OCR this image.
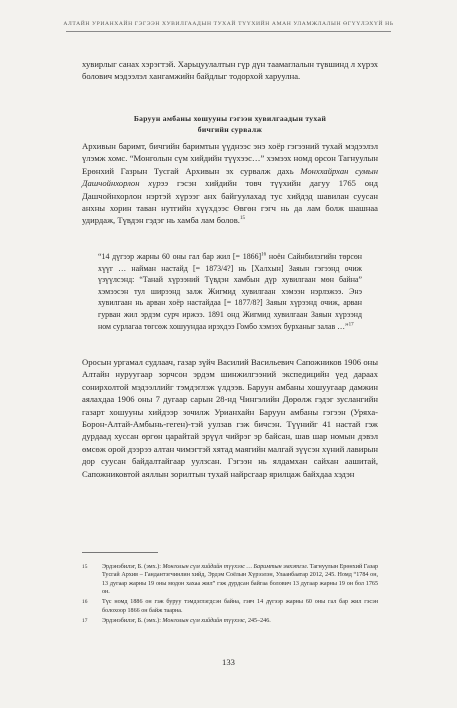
АЛТАЙН УРИАНХАЙН ГЭГЭЭН ХУВИЛГААДЫН ТУХАЙ ТҮҮХИЙН АМАН УЛАМЖЛАЛЫН ӨГҮҮЛЭХҮЙ НЬ

хувирлыг санах хэрэгтэй. Харьцуулалтын гүр дүн таамаглалын түвшинд л хүрэх болович мэдээлэл хангамжийн байдлыг тодорхой харуулна.

Баруун амбаны хошууны гэгээн хувилгаадын тухай
бичгийн сурвалж

Архивын баримт, бичгийн баримтын үүднээс энэ хоёр гэгээний тухай мэдээлэл үлэмж хомс. “Монголын сүм хийдийн түүхээс…” хэмээх номд орсон Тагнуулын Ерөнхий Газрын Тусгай Архивын эх сурвалж дахь Монххайрхан сумын Дашчойнхорлон хүрээ гэсэн хийдийн товч түүхийн дагуу 1765 онд Дашчойнхорлон нэртэй хүрээг анх байгуулахад тус хийдэд шавилан суусан анхны хорин таван нутгийн хүүхдээс Өвгөн гэгч нь да лам болж шашнаа удирдаж, Түвдэн гэдэг нь хамба лам болов.$^{15}$

“14 дүгээр жарны 60 оны гал бар жил [= 1866]$^{16}$ ноён Сайнбилэгийн төрсөн хүүг … найман настайд [= 1873/4?] нь [Халхын] Заяын гэгээнд очиж үзүүлсэнд: “Танай хүрээний Түвдэн хамбын дүр хувилгаан мөн байна” хэмээсэн тул ширээнд залж Жигмид хувилгаан хэмээн нэрлэжээ. Энэ хувилгаан нь арван хоёр настайдаа [= 1877/8?] Заяын хүрээнд очиж, арван гурван жил эрдэм сурч иржээ. 1891 онд Жигмид хувилгаан Заяын хүрээнд ном сурлагаа төгсөж хошуундаа ирэхдээ Гомбо хэмээх бурханыг залав …”$^{17}$

Оросын ургамал судлаач, газар зүйч Василий Васильевич Сапожников 1906 оны Алтайн нуруугаар зорчсон эрдэм шинжилгээний экспедицийн үед дараах сонирхолтой мэдээллийг тэмдэглэж үлдээв. Баруун амбаны хошуугаар дамжин аялахдаа 1906 оны 7 дугаар сарын 28-нд Чингэлийн Дөрөлж гэдэг зуслангийн газарт хошууны хийдээр зочилж Урианхайн Баруун амбаны гэгээн (Уряха-Борон-Алтай-Амбынь-геген)-тэй уулзав гэж бичсэн. Түүнийг 41 настай гэж дурдаад хуссан өргөн царайтай эрүүл чийрэг эр байсан, шав шар номын дэвэл өмсөж орой дээрээ алтан чимэгтэй хятад маягийн малгай зүүсэн хүний лавирын дор суусан байдалтайгаар уулзсан. Гэгээн нь ялдамхан сайхан аашитай, Сапожниковтой аяллын зорилтын тухай найрсгаар ярилцаж байхдаа хэдэн

15	Эрдэнэбилэг, Б. (эмх.): Монголын сүм хийдийн түүхээс … Баримтын эмхэтгэл. Тагнуулын Ерөнхий Газар Тусгай Архив – Гандантэгчинлин хийд, Эрдэм Соёлын Хүрээлэн, Улаанбаатар 2012, 245. Номд “1784 он, 13 дугаар жарны 19 оны модон хахаа жил” гэж дурдсан байгаа болович 13 дугаар жарны 19 он бол 1765 он.
16	Түс номд 1886 он гэж буруу тэмдэглэгдсэн байна, гэвч 14 дүгээр жарны 60 оны гал бар жил гэсэн болохоор 1866 он байж таарна.
17	Эрдэнэбилэг, Б. (эмх.): Монголын сүм хийдийн түүхээс, 245–246.
133
